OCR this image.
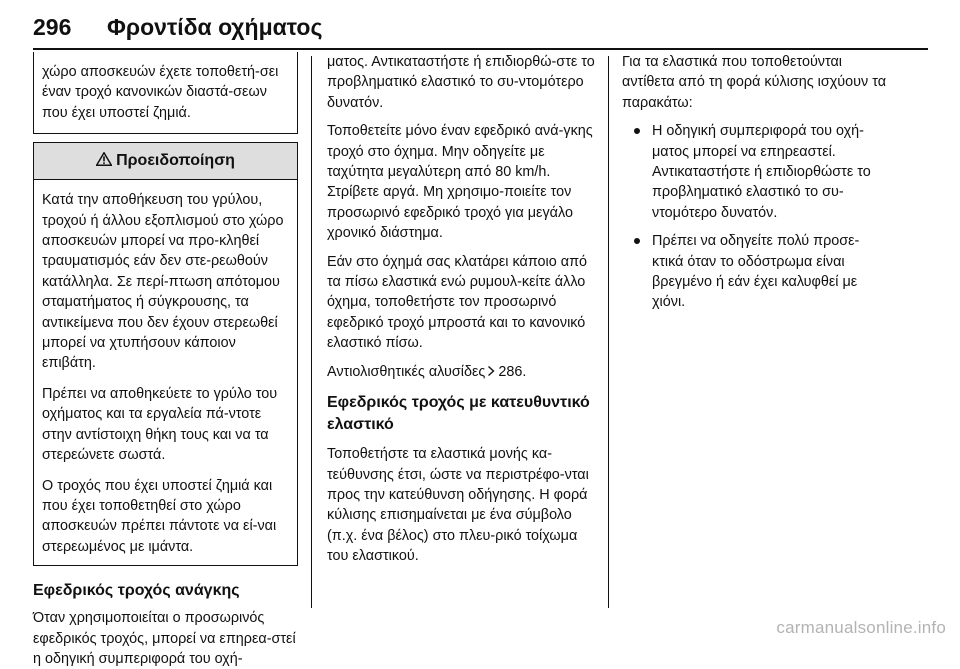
296 Φροντίδα οχήματος

χώρο αποσκευών έχετε τοποθετή-σει έναν τροχό κανονικών διαστά-σεων που έχει υποστεί ζημιά.

Προειδοποίηση

Κατά την αποθήκευση του γρύλου, τροχού ή άλλου εξοπλισμού στο χώρο αποσκευών μπορεί να προ-κληθεί τραυματισμός εάν δεν στε-ρεωθούν κατάλληλα. Σε περί-πτωση απότομου σταματήματος ή σύγκρουσης, τα αντικείμενα που δεν έχουν στερεωθεί μπορεί να χτυπήσουν κάποιον επιβάτη.

Πρέπει να αποθηκεύετε το γρύλο του οχήματος και τα εργαλεία πά-ντοτε στην αντίστοιχη θήκη τους και να τα στερεώνετε σωστά.

Ο τροχός που έχει υποστεί ζημιά και που έχει τοποθετηθεί στο χώρο αποσκευών πρέπει πάντοτε να εί-ναι στερεωμένος με ιμάντα.

Εφεδρικός τροχός ανάγκης

Όταν χρησιμοποιείται ο προσωρινός εφεδρικός τροχός, μπορεί να επηρεα-στεί η οδηγική συμπεριφορά του οχή-

ματος. Αντικαταστήστε ή επιδιορθώ-στε το προβληματικό ελαστικό το συ-ντομότερο δυνατόν.

Τοποθετείτε μόνο έναν εφεδρικό ανά-γκης τροχό στο όχημα. Μην οδηγείτε με ταχύτητα μεγαλύτερη από 80 km/h. Στρίβετε αργά. Μη χρησιμο-ποιείτε τον προσωρινό εφεδρικό τροχό για μεγάλο χρονικό διάστημα.

Εάν στο όχημά σας κλατάρει κάποιο από τα πίσω ελαστικά ενώ ρυμουλ-κείτε άλλο όχημα, τοποθετήστε τον προσωρινό εφεδρικό τροχό μπροστά και το κανονικό ελαστικό πίσω.

Αντιολισθητικές αλυσίδες 286.

Εφεδρικός τροχός με κατευθυντικό ελαστικό

Τοποθετήστε τα ελαστικά μονής κα-τεύθυνσης έτσι, ώστε να περιστρέφο-νται προς την κατεύθυνση οδήγησης. Η φορά κύλισης επισημαίνεται με ένα σύμβολο (π.χ. ένα βέλος) στο πλευ-ρικό τοίχωμα του ελαστικού.

Για τα ελαστικά που τοποθετούνται αντίθετα από τη φορά κύλισης ισχύουν τα παρακάτω:

Η οδηγική συμπεριφορά του οχή-ματος μπορεί να επηρεαστεί. Αντικαταστήστε ή επιδιορθώστε το προβληματικό ελαστικό το συ-ντομότερο δυνατόν.

Πρέπει να οδηγείτε πολύ προσε-κτικά όταν το οδόστρωμα είναι βρεγμένο ή εάν έχει καλυφθεί με χιόνι.

carmanualsonline.info
